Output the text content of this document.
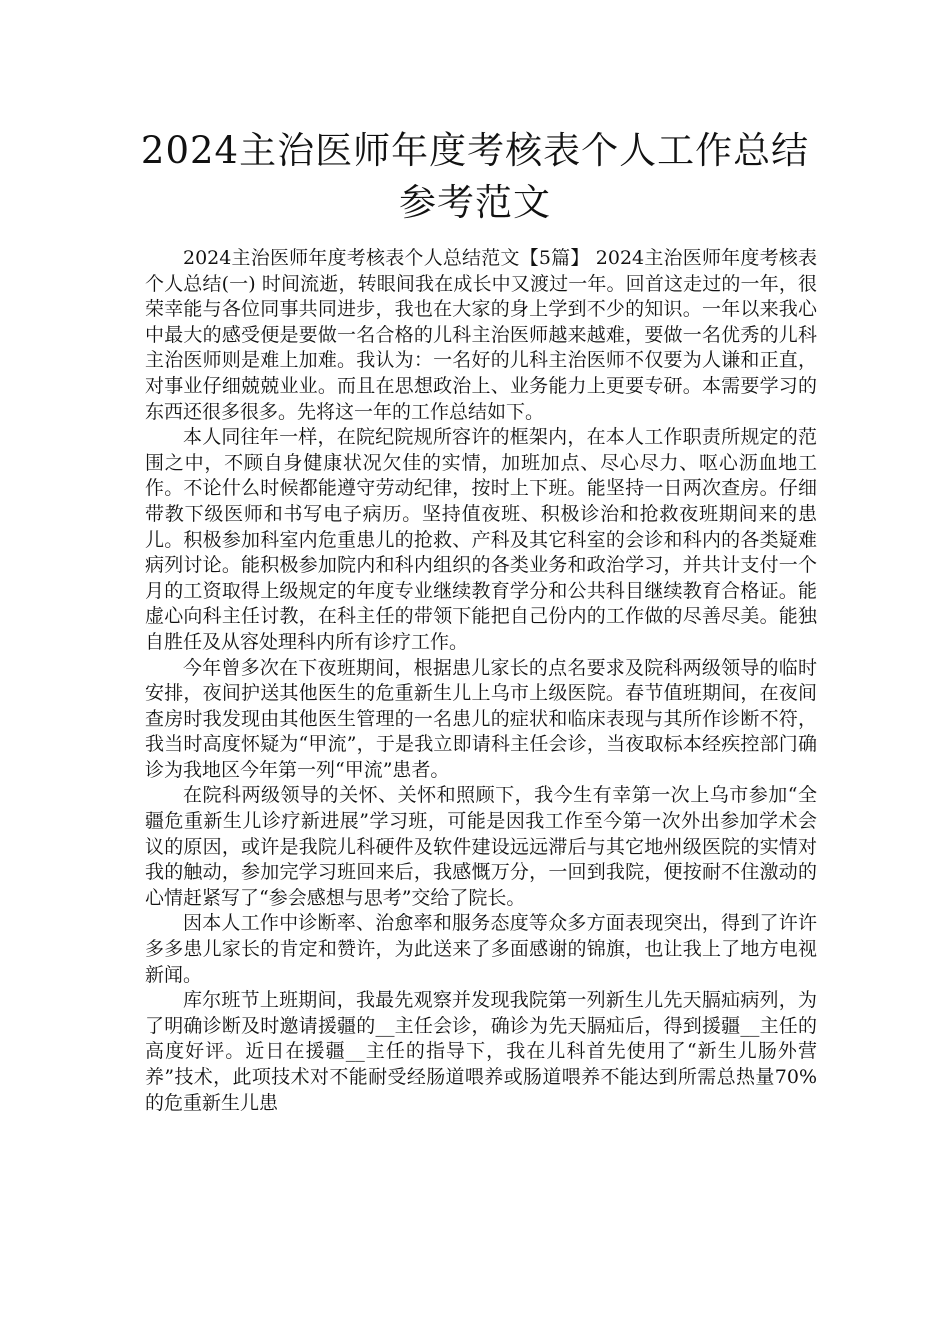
2024主治医师年度考核表个人工作总结参考范文

2024主治医师年度考核表个人总结范文【5篇】 2024主治医师年度考核表个人总结(一) 时间流逝，转眼间我在成长中又渡过一年。回首这走过的一年，很荣幸能与各位同事共同进步，我也在大家的身上学到不少的知识。一年以来我心中最大的感受便是要做一名合格的儿科主治医师越来越难，要做一名优秀的儿科主治医师则是难上加难。我认为：一名好的儿科主治医师不仅要为人谦和正直，对事业仔细兢兢业业。而且在思想政治上、业务能力上更要专研。本需要学习的东西还很多很多。先将这一年的工作总结如下。

本人同往年一样，在院纪院规所容许的框架内，在本人工作职责所规定的范围之中，不顾自身健康状况欠佳的实情，加班加点、尽心尽力、呕心沥血地工作。不论什么时候都能遵守劳动纪律，按时上下班。能坚持一日两次查房。仔细带教下级医师和书写电子病历。坚持值夜班、积极诊治和抢救夜班期间来的患儿。积极参加科室内危重患儿的抢救、产科及其它科室的会诊和科内的各类疑难病列讨论。能积极参加院内和科内组织的各类业务和政治学习，并共计支付一个月的工资取得上级规定的年度专业继续教育学分和公共科目继续教育合格证。能虚心向科主任讨教，在科主任的带领下能把自己份内的工作做的尽善尽美。能独自胜任及从容处理科内所有诊疗工作。

今年曾多次在下夜班期间，根据患儿家长的点名要求及院科两级领导的临时安排，夜间护送其他医生的危重新生儿上乌市上级医院。春节值班期间，在夜间查房时我发现由其他医生管理的一名患儿的症状和临床表现与其所作诊断不符，我当时高度怀疑为“甲流”，于是我立即请科主任会诊，当夜取标本经疾控部门确诊为我地区今年第一列“甲流”患者。

在院科两级领导的关怀、关怀和照顾下，我今生有幸第一次上乌市参加“全疆危重新生儿诊疗新进展”学习班，可能是因我工作至今第一次外出参加学术会议的原因，或许是我院儿科硬件及软件建设远远滞后与其它地州级医院的实情对我的触动，参加完学习班回来后，我感慨万分，一回到我院，便按耐不住激动的心情赶紧写了“参会感想与思考”交给了院长。

因本人工作中诊断率、治愈率和服务态度等众多方面表现突出，得到了许许多多患儿家长的肯定和赞许，为此送来了多面感谢的锦旗，也让我上了地方电视新闻。

库尔班节上班期间，我最先观察并发现我院第一列新生儿先天膈疝病列，为了明确诊断及时邀请援疆的__主任会诊，确诊为先天膈疝后，得到援疆__主任的高度好评。近日在援疆__主任的指导下，我在儿科首先使用了“新生儿肠外营养”技术，此项技术对不能耐受经肠道喂养或肠道喂养不能达到所需总热量70%的危重新生儿患
